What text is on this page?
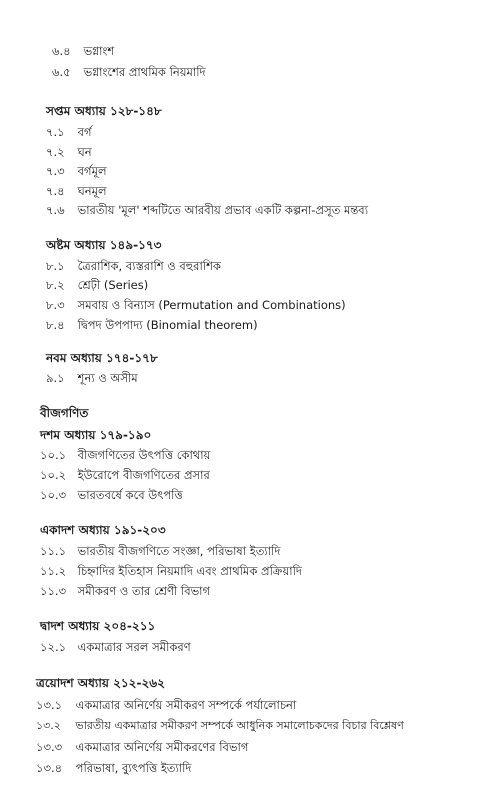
৬.৪ ভগ্নাংশ
৬.৫ ভগ্নাংশের প্রাথমিক নিয়মাদি
সপ্তম অধ্যায় ১২৮-১৪৮
৭.১ বর্গ
৭.২ ঘন
৭.৩ বর্গমূল
৭.৪ ঘনমূল
৭.৬ ভারতীয় 'মূল' শব্দটিতে আরবীয় প্রভাব একটি কল্পনা-প্রসূত মন্তব্য
অষ্টম অধ্যায় ১৪৯-১৭৩
৮.১ ত্রৈরাশিক, ব্যস্তরাশি ও বহুরাশিক
৮.২ শ্রেঢ়ী (Series)
৮.৩ সমবায় ও বিন্যাস (Permutation and Combinations)
৮.৪ দ্বিপদ উপপাদ্য (Binomial theorem)
নবম অধ্যায় ১৭৪-১৭৮
৯.১ শূন্য ও অসীম
বীজগণিত
দশম অধ্যায় ১৭৯-১৯০
১০.১ বীজগণিতের উৎপত্তি কোথায়
১০.২ ইউরোপে বীজগণিতের প্রসার
১০.৩ ভারতবর্ষে কবে উৎপত্তি
একাদশ অধ্যায় ১৯১-২০৩
১১.১ ভারতীয় বীজগণিতে সংজ্ঞা, পরিভাষা ইত্যাদি
১১.২ চিহ্নাদির ইতিহাস নিয়মাদি এবং প্রাথমিক প্রক্রিয়াদি
১১.৩ সমীকরণ ও তার শ্রেণী বিভাগ
দ্বাদশ অধ্যায় ২০৪-২১১
১২.১ একমাত্রার সরল সমীকরণ
ত্রয়োদশ অধ্যায় ২১২-২৬২
১৩.১ একমাত্রার অনির্ণেয় সমীকরণ সম্পর্কে পর্যালোচনা
১৩.২ ভারতীয় একমাত্রার সমীকরণ সম্পর্কে আধুনিক সমালোচকদের বিচার বিশ্লেষণ
১৩.৩ একমাত্রার অনির্ণেয় সমীকরণের বিভাগ
১৩.৪ পরিভাষা, ব্যুৎপত্তি ইত্যাদি
